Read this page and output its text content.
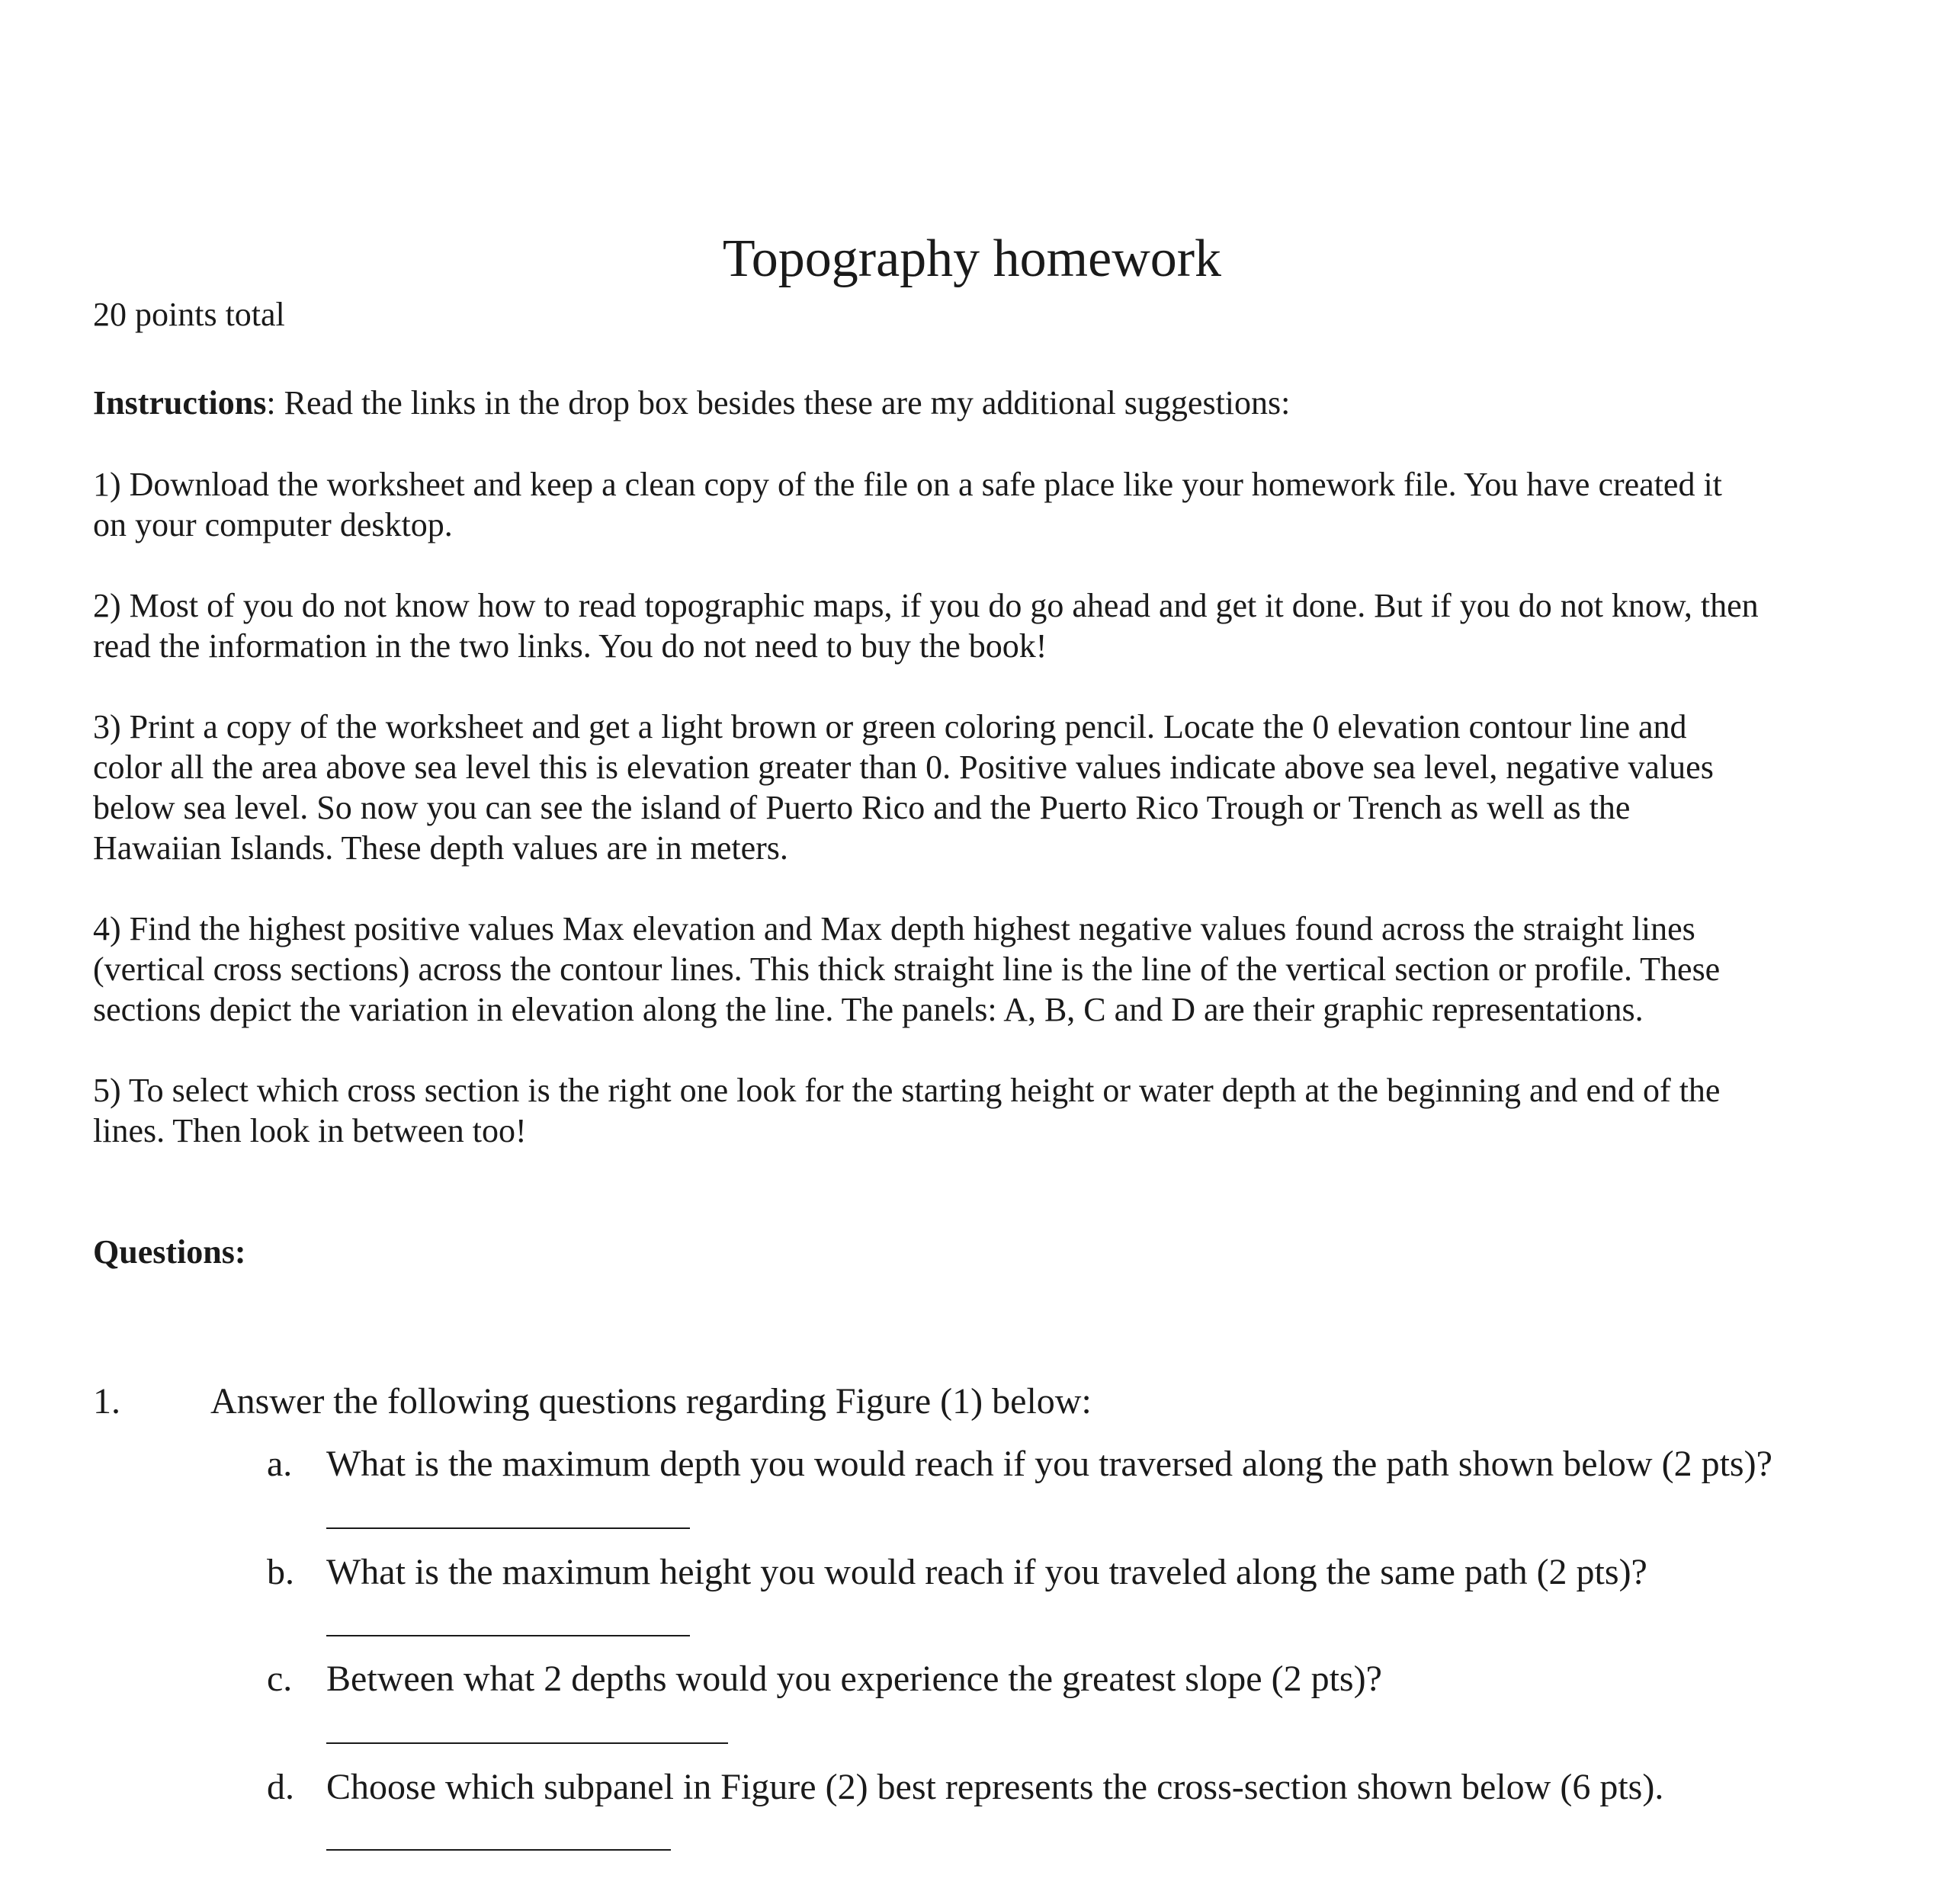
Topography homework
20 points total
Instructions: Read the links in the drop box besides these are my additional suggestions:
1) Download the worksheet and keep a clean copy of the file on a safe place like your homework file. You have created it
on your computer desktop.
2) Most of you do not know how to read topographic maps, if you do go ahead and get it done. But if you do not know, then
read the information in the two links. You do not need to buy the book!
3) Print a copy of the worksheet and get a light brown or green coloring pencil. Locate the 0 elevation contour line and
color all the area above sea level this is elevation greater than 0. Positive values indicate above sea level, negative values
below sea level. So now you can see the island of Puerto Rico and the Puerto Rico Trough or Trench as well as the
Hawaiian Islands. These depth values are in meters.
4) Find the highest positive values Max elevation and Max depth highest negative values found across the straight lines
(vertical cross sections) across the contour lines. This thick straight line is the line of the vertical section or profile. These
sections depict the variation in elevation along the line. The panels: A, B, C and D are their graphic representations.
5) To select which cross section is the right one look for the starting height or water depth at the beginning and end of the
lines. Then look in between too!
Questions:
1. Answer the following questions regarding Figure (1) below:
a. What is the maximum depth you would reach if you traversed along the path shown below (2 pts)?
b. What is the maximum height you would reach if you traveled along the same path (2 pts)?
c. Between what 2 depths would you experience the greatest slope (2 pts)?
d. Choose which subpanel in Figure (2) best represents the cross-section shown below (6 pts).
